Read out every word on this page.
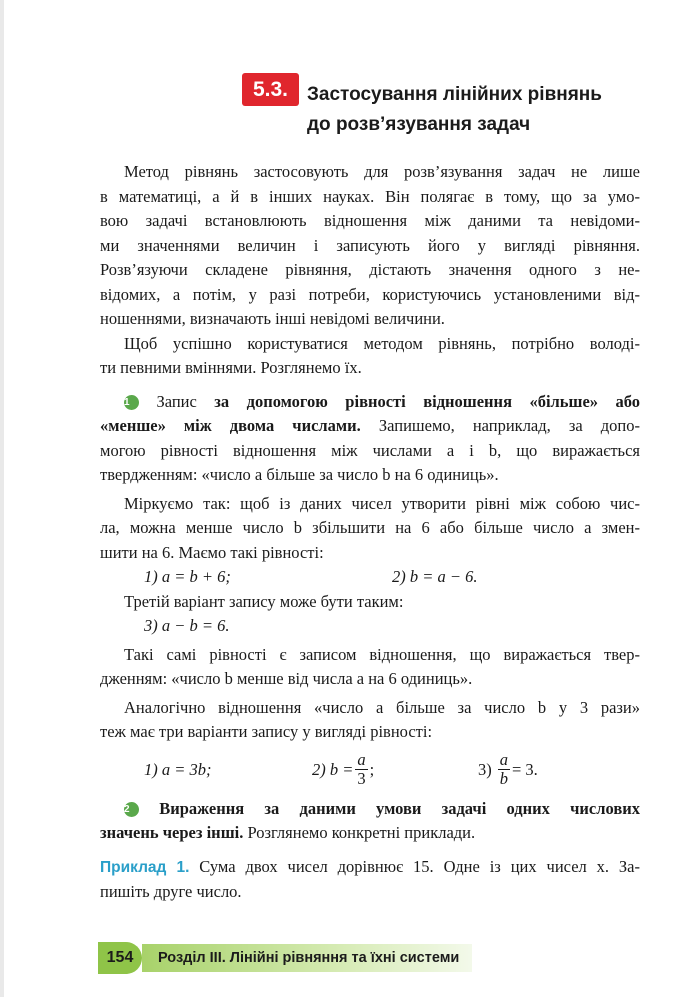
5.3. Застосування лінійних рівнянь
до розв’язування задач

Метод рівнянь застосовують для розв’язування задач не лише
в математиці, а й в інших науках. Він полягає в тому, що за умо-
вою задачі встановлюють відношення між даними та невідоми-
ми значеннями величин і записують його у вигляді рівняння.
Розв’язуючи складене рівняння, дістають значення одного з не-
відомих, а потім, у разі потреби, користуючись установленими від-
ношеннями, визначають інші невідомі величини.

Щоб успішно користуватися методом рівнянь, потрібно володі-
ти певними вміннями. Розглянемо їх.

1 Запис за допомогою рівності відношення «більше» або
«менше» між двома числами. Запишемо, наприклад, за допо-
могою рівності відношення між числами a і b, що виражається
твердженням: «число a більше за число b на 6 одиниць».

Міркуємо так: щоб із даних чисел утворити рівні між собою чис-
ла, можна менше число b збільшити на 6 або більше число a змен-
шити на 6. Маємо такі рівності:

1) a = b + 6;	2) b = a − 6.
Третій варіант запису може бути таким:
3) a − b = 6.

Такі самі рівності є записом відношення, що виражається твер-
дженням: «число b менше від числа a на 6 одиниць».

Аналогічно відношення «число a більше за число b у 3 рази»
теж має три варіанти запису у вигляді рівності:

1) a = 3b;	2) $b = \frac{a}{3}$ ;	$3) \frac{a}{b} = 3$.

2 Вираження за даними умови задачі одних числових
значень через інші. Розглянемо конкретні приклади.

Приклад 1. Сума двох чисел дорівнює 15. Одне із цих чисел x. За-
пишіть друге число.

154	Розділ III. Лінійні рівняння та їхні системи
